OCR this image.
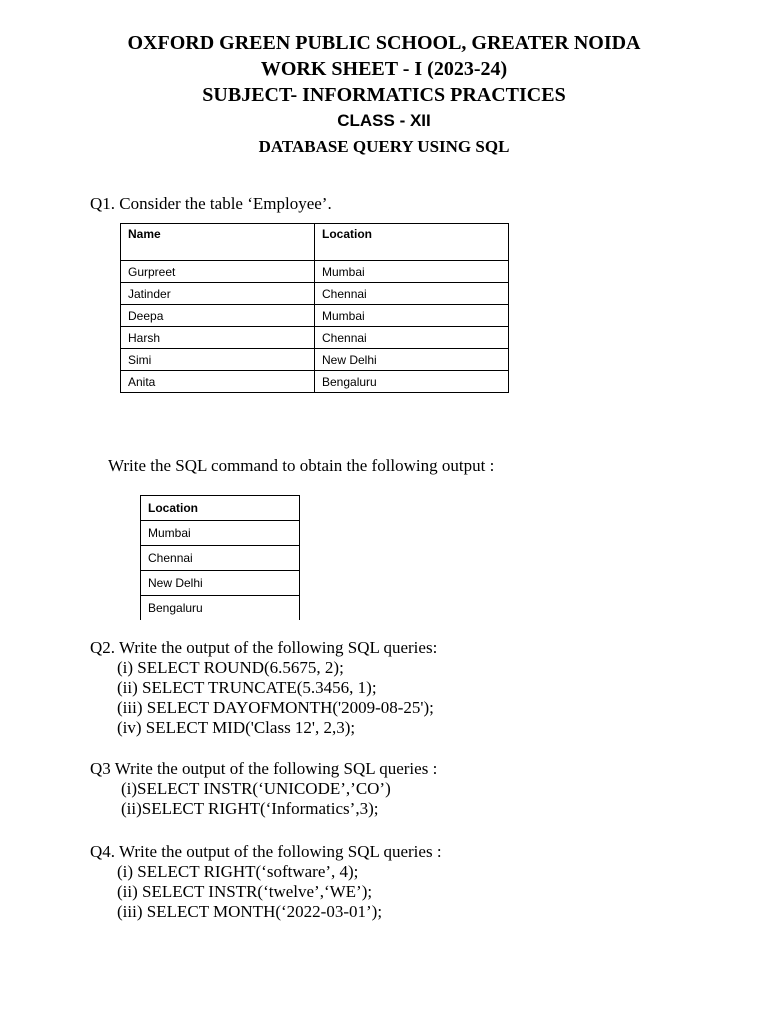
OXFORD GREEN PUBLIC SCHOOL, GREATER NOIDA
WORK SHEET - I (2023-24)
SUBJECT- INFORMATICS PRACTICES
CLASS - XII
DATABASE QUERY USING SQL
Q1. Consider the table ‘Employee’.
Name	Location
Gurpreet	Mumbai
Jatinder	Chennai
Deepa	Mumbai
Harsh	Chennai
Simi	New Delhi
Anita	Bengaluru
Write the SQL command to obtain the following output :
Location
Mumbai
Chennai
New Delhi
Bengaluru
Q2. Write the output of the following SQL queries:
(i) SELECT ROUND(6.5675, 2);
(ii) SELECT TRUNCATE(5.3456, 1);
(iii) SELECT DAYOFMONTH('2009-08-25');
(iv) SELECT MID('Class 12', 2,3);
Q3 Write the output of the following SQL queries :
(i)SELECT INSTR(‘UNICODE’,’CO’)
(ii)SELECT RIGHT(‘Informatics’,3);
Q4. Write the output of the following SQL queries :
(i) SELECT RIGHT(‘software’, 4);
(ii) SELECT INSTR(‘twelve’,‘WE’);
(iii) SELECT MONTH(‘2022-03-01’);
